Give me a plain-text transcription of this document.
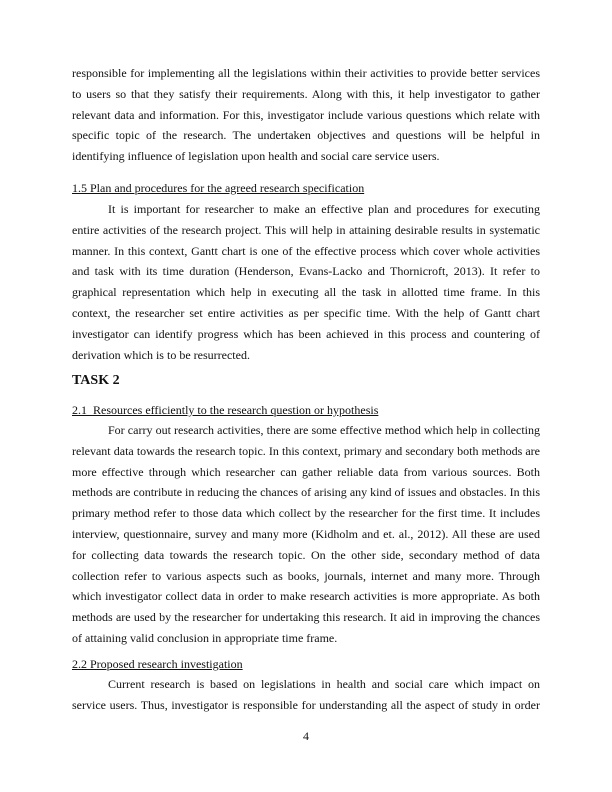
responsible for implementing all the legislations within their activities to provide better services
to users so that they satisfy their requirements. Along with this, it help investigator to gather
relevant data and information. For this, investigator include various questions which relate with
specific topic of the research. The undertaken objectives and questions will be helpful in
identifying influence of legislation upon health and social care service users.
1.5 Plan and procedures for the agreed research specification
It is important for researcher to make an effective plan and procedures for executing
entire activities of the research project. This will help in attaining desirable results in systematic
manner. In this context, Gantt chart is one of the effective process which cover whole activities
and task with its time duration (Henderson, Evans-Lacko and Thornicroft, 2013). It refer to
graphical representation which help in executing all the task in allotted time frame. In this
context, the researcher set entire activities as per specific time. With the help of Gantt chart
investigator can identify progress which has been achieved in this process and countering of
derivation which is to be resurrected.
TASK 2
2.1  Resources efficiently to the research question or hypothesis
For carry out research activities, there are some effective method which help in collecting
relevant data towards the research topic. In this context, primary and secondary both methods are
more effective through which researcher can gather reliable data from various sources. Both
methods are contribute in reducing the chances of arising any kind of issues and obstacles. In this
primary method refer to those data which collect by the researcher for the first time. It includes
interview, questionnaire, survey and many more (Kidholm and et. al., 2012). All these are used
for collecting data towards the research topic. On the other side, secondary method of data
collection refer to various aspects such as books, journals, internet and many more. Through
which investigator collect data in order to make research activities is more appropriate. As both
methods are used by the researcher for undertaking this research. It aid in improving the chances
of attaining valid conclusion in appropriate time frame.
2.2 Proposed research investigation
Current research is based on legislations in health and social care which impact on
service users. Thus, investigator is responsible for understanding all the aspect of study in order
4
